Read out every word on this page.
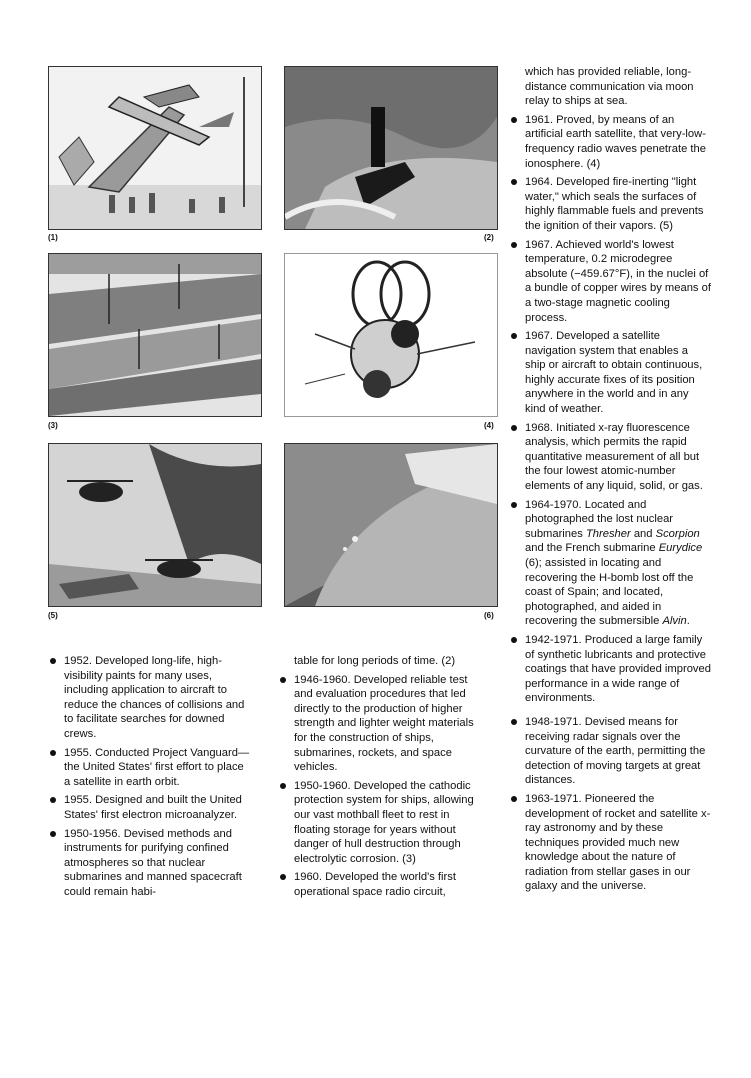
(1)	(2)
(3)	(4)
(5)	(6)

which has provided reliable, long-distance communication via moon relay to ships at sea.

1961. Proved, by means of an artificial earth satellite, that very-low-frequency radio waves penetrate the ionosphere. (4)
1964. Developed fire-inerting "light water," which seals the surfaces of highly flammable fuels and prevents the ignition of their vapors. (5)
1967. Achieved world's lowest temperature, 0.2 microdegree absolute (−459.67°F), in the nuclei of a bundle of copper wires by means of a two-stage magnetic cooling process.
1967. Developed a satellite navigation system that enables a ship or aircraft to obtain continuous, highly accurate fixes of its position anywhere in the world and in any kind of weather.
1968. Initiated x-ray fluorescence analysis, which permits the rapid quantitative measurement of all but the four lowest atomic-number elements of any liquid, solid, or gas.
1964-1970. Located and photographed the lost nuclear submarines Thresher and Scorpion and the French submarine Eurydice (6); assisted in locating and recovering the H-bomb lost off the coast of Spain; and located, photographed, and aided in recovering the submersible Alvin.
1942-1971. Produced a large family of synthetic lubricants and protective coatings that have provided improved performance in a wide range of environments.
1948-1971. Devised means for receiving radar signals over the curvature of the earth, permitting the detection of moving targets at great distances.
1963-1971. Pioneered the development of rocket and satellite x-ray astronomy and by these techniques provided much new knowledge about the nature of radiation from stellar gases in our galaxy and the universe.
1952. Developed long-life, high-visibility paints for many uses, including application to aircraft to reduce the chances of collisions and to facilitate searches for downed crews.
1955. Conducted Project Vanguard—the United States' first effort to place a satellite in earth orbit.
1955. Designed and built the United States' first electron microanalyzer.
1950-1956. Devised methods and instruments for purifying confined atmospheres so that nuclear submarines and manned spacecraft could remain habi-

table for long periods of time. (2)

1946-1960. Developed reliable test and evaluation procedures that led directly to the production of higher strength and lighter weight materials for the construction of ships, submarines, rockets, and space vehicles.
1950-1960. Developed the cathodic protection system for ships, allowing our vast mothball fleet to rest in floating storage for years without danger of hull destruction through electrolytic corrosion. (3)
1960. Developed the world's first operational space radio circuit,
